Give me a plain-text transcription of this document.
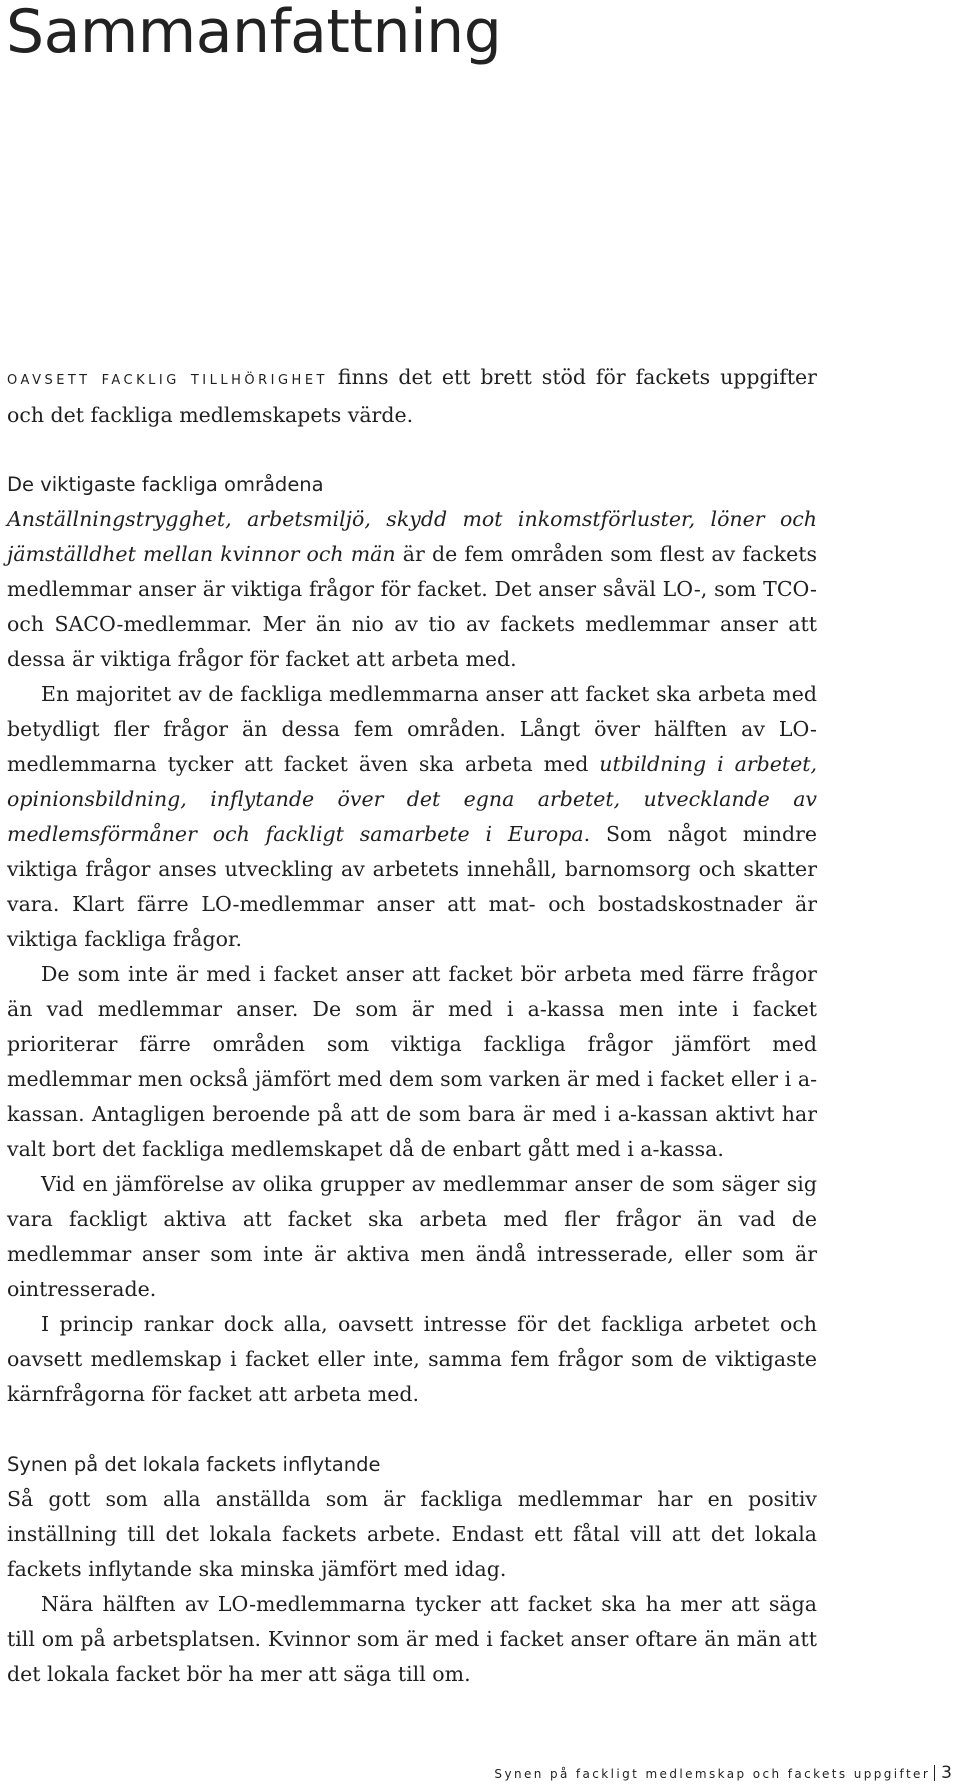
Sammanfattning

OAVSETT FACKLIG TILLHÖRIGHET finns det ett brett stöd för fackets uppgifter och det fackliga medlemskapets värde.

De viktigaste fackliga områdena

Anställningstrygghet, arbetsmiljö, skydd mot inkomstförluster, löner och jämställdhet mellan kvinnor och män är de fem områden som flest av fackets medlemmar anser är viktiga frågor för facket. Det anser såväl LO-, som TCO- och SACO-medlemmar. Mer än nio av tio av fackets medlemmar anser att dessa är viktiga frågor för facket att arbeta med.

En majoritet av de fackliga medlemmarna anser att facket ska arbeta med betydligt fler frågor än dessa fem områden. Långt över hälften av LO-medlemmarna tycker att facket även ska arbeta med utbildning i arbetet, opinionsbildning, inflytande över det egna arbetet, utvecklande av medlemsförmåner och fackligt samarbete i Europa. Som något mindre viktiga frågor anses utveckling av arbetets innehåll, barnomsorg och skatter vara. Klart färre LO-medlemmar anser att mat- och bostadskostnader är viktiga fackliga frågor.

De som inte är med i facket anser att facket bör arbeta med färre frågor än vad medlemmar anser. De som är med i a-kassa men inte i facket prioriterar färre områden som viktiga fackliga frågor jämfört med medlemmar men också jämfört med dem som varken är med i facket eller i a-kassan. Antagligen beroende på att de som bara är med i a-kassan aktivt har valt bort det fackliga medlemskapet då de enbart gått med i a-kassa.

Vid en jämförelse av olika grupper av medlemmar anser de som säger sig vara fackligt aktiva att facket ska arbeta med fler frågor än vad de medlemmar anser som inte är aktiva men ändå intresserade, eller som är ointresserade.

I princip rankar dock alla, oavsett intresse för det fackliga arbetet och oavsett medlemskap i facket eller inte, samma fem frågor som de viktigaste kärnfrågorna för facket att arbeta med.

Synen på det lokala fackets inflytande

Så gott som alla anställda som är fackliga medlemmar har en positiv inställning till det lokala fackets arbete. Endast ett fåtal vill att det lokala fackets inflytande ska minska jämfört med idag.

Nära hälften av LO-medlemmarna tycker att facket ska ha mer att säga till om på arbetsplatsen. Kvinnor som är med i facket anser oftare än män att det lokala facket bör ha mer att säga till om.

Synen på fackligt medlemskap och fackets uppgifter 3
